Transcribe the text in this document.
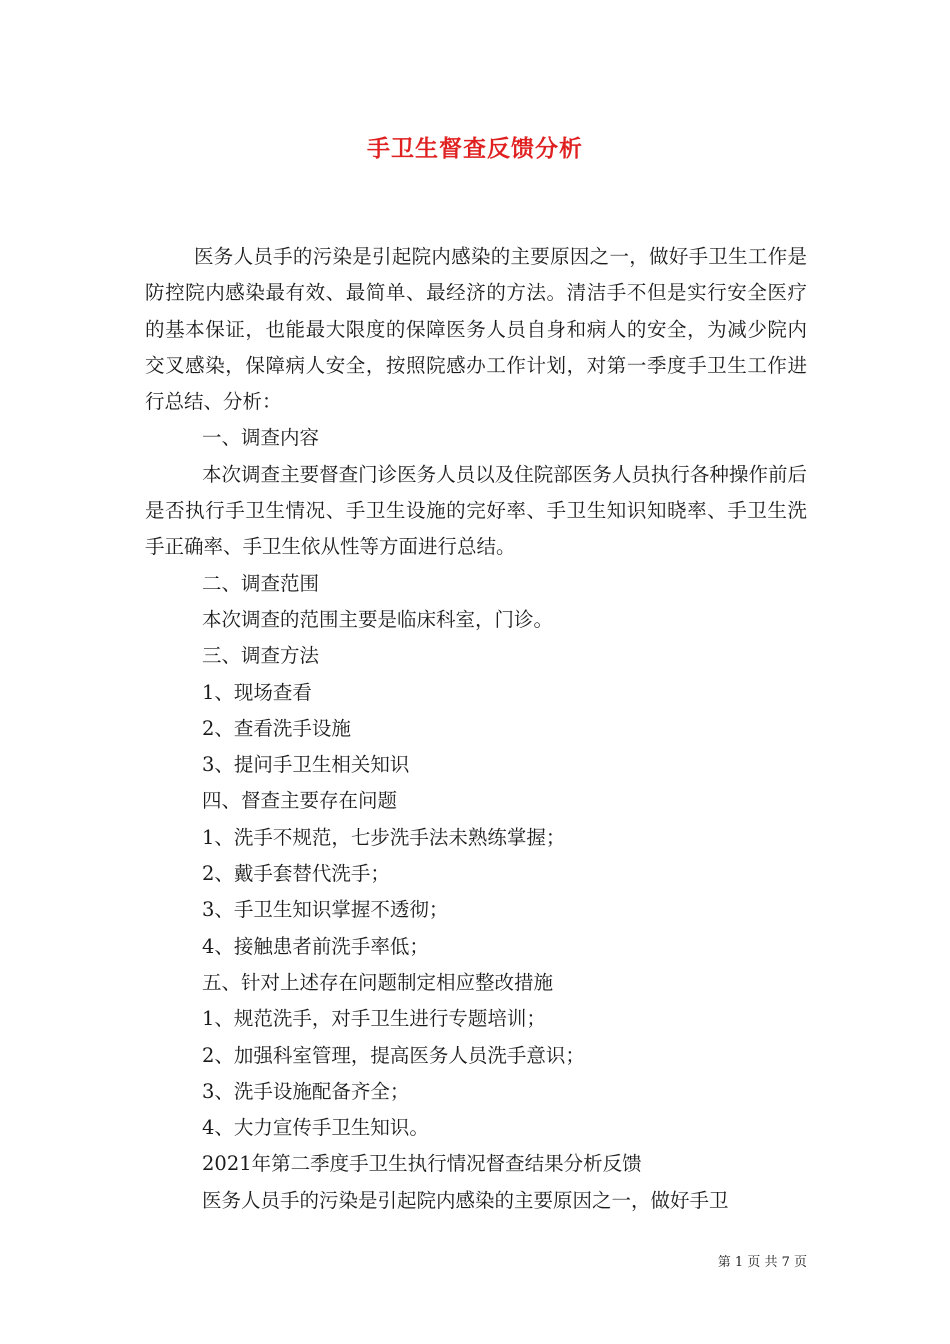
手卫生督查反馈分析

医务人员手的污染是引起院内感染的主要原因之一，做好手卫生工作是防控院内感染最有效、最简单、最经济的方法。清洁手不但是实行安全医疗的基本保证，也能最大限度的保障医务人员自身和病人的安全，为减少院内交叉感染，保障病人安全，按照院感办工作计划，对第一季度手卫生工作进行总结、分析：

一、调查内容

本次调查主要督查门诊医务人员以及住院部医务人员执行各种操作前后是否执行手卫生情况、手卫生设施的完好率、手卫生知识知晓率、手卫生洗手正确率、手卫生依从性等方面进行总结。

二、调查范围

本次调查的范围主要是临床科室，门诊。

三、调查方法

1、现场查看

2、查看洗手设施

3、提问手卫生相关知识

四、督查主要存在问题

1、洗手不规范，七步洗手法未熟练掌握；

2、戴手套替代洗手；

3、手卫生知识掌握不透彻；

4、接触患者前洗手率低；

五、针对上述存在问题制定相应整改措施

1、规范洗手，对手卫生进行专题培训；

2、加强科室管理，提高医务人员洗手意识；

3、洗手设施配备齐全；

4、大力宣传手卫生知识。

2021年第二季度手卫生执行情况督查结果分析反馈

医务人员手的污染是引起院内感染的主要原因之一，做好手卫

第 1 页 共 7 页
